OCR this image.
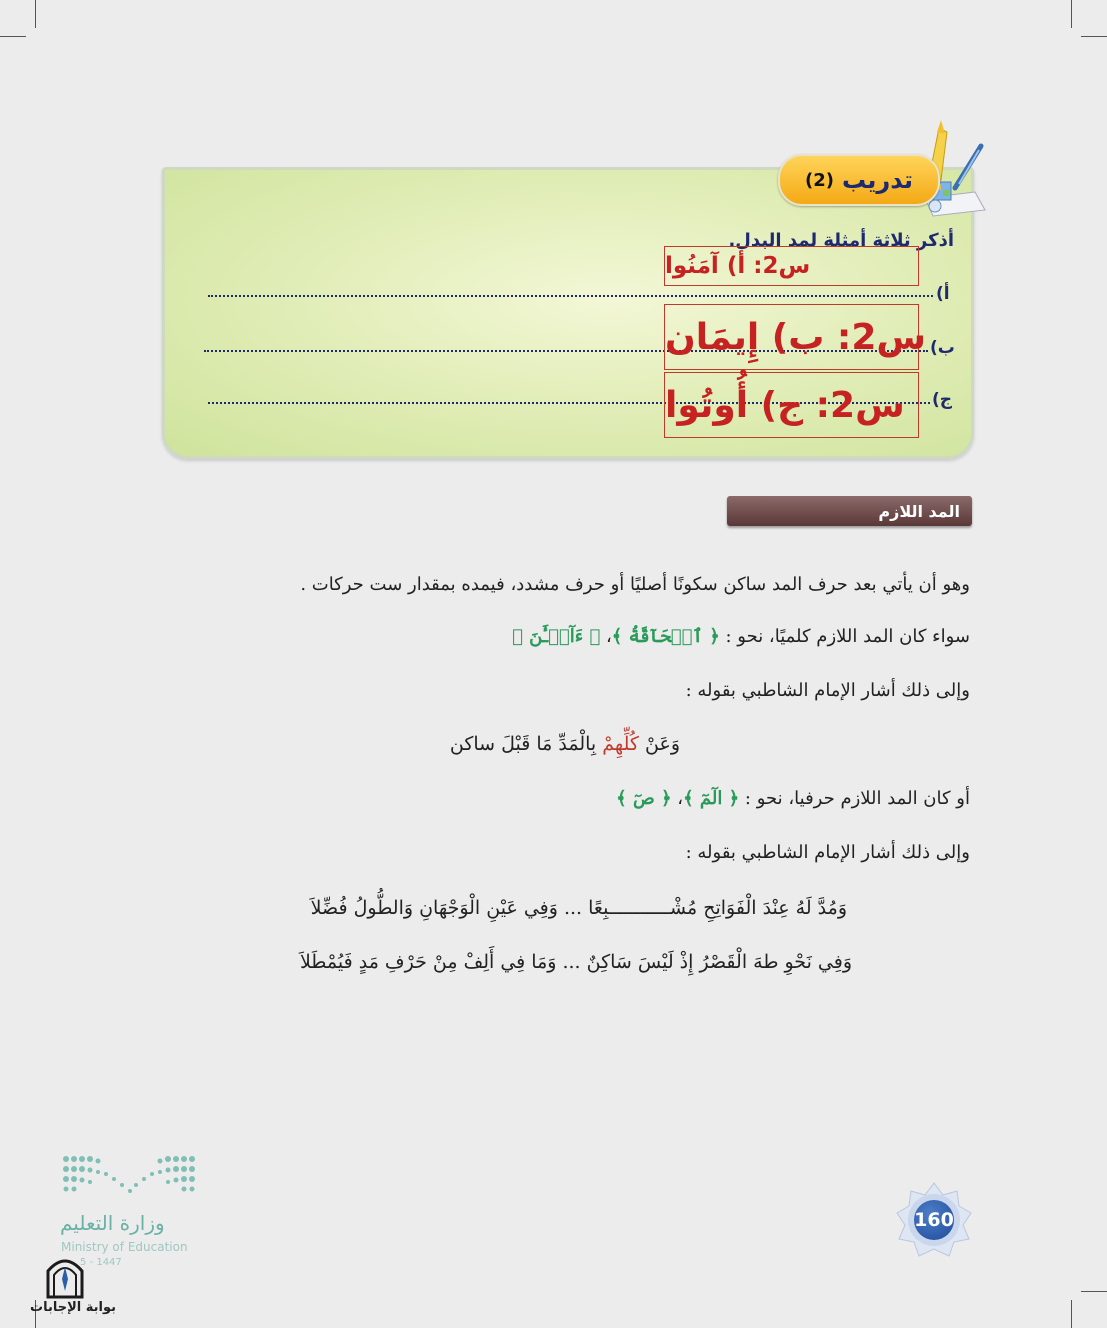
تدريب
(2)
أذكر ثلاثة أمثلة لمد البدل.
أ)
ب)
ج)
س2: أ) آمَنُوا
س2: ب) إِيمَان
س2: ج) أُوتُوا
المد اللازم
وهو أن يأتي بعد حرف المد ساكن سكونًا أصليًا أو حرف مشدد، فيمده بمقدار ست حركات .
سواء كان المد اللازم كلميًا، نحو : ﴿ ٱلۡحَآقَّةُ ﴾، ﴿ ءَآلۡـَٰٔنَ ﴾
وإلى ذلك أشار الإمام الشاطبي بقوله :
وَعَنْ كُلِّهِمْ بِالْمَدِّ مَا قَبْلَ ساكن
أو كان المد اللازم حرفيا، نحو : ﴿ الٓمٓ ﴾، ﴿ صٓ ﴾
وإلى ذلك أشار الإمام الشاطبي بقوله :
وَمُدَّ لَهُ عِنْدَ الْفَوَاتِحِ مُشْـــــــــــبِعًا ... وَفِي عَيْنِ الْوَجْهَانِ وَالطُّولُ فُضِّلاَ
وَفِي نَحْوِ طهَ الْقَصْرُ إِذْ لَيْسَ سَاكِنٌ ... وَمَا فِي أَلِفْ مِنْ حَرْفِ مَدٍ فَيُمْطَلاَ
وزارة التعليم
Ministry of Education
5 - 1447
بوابة الإجابات
160
